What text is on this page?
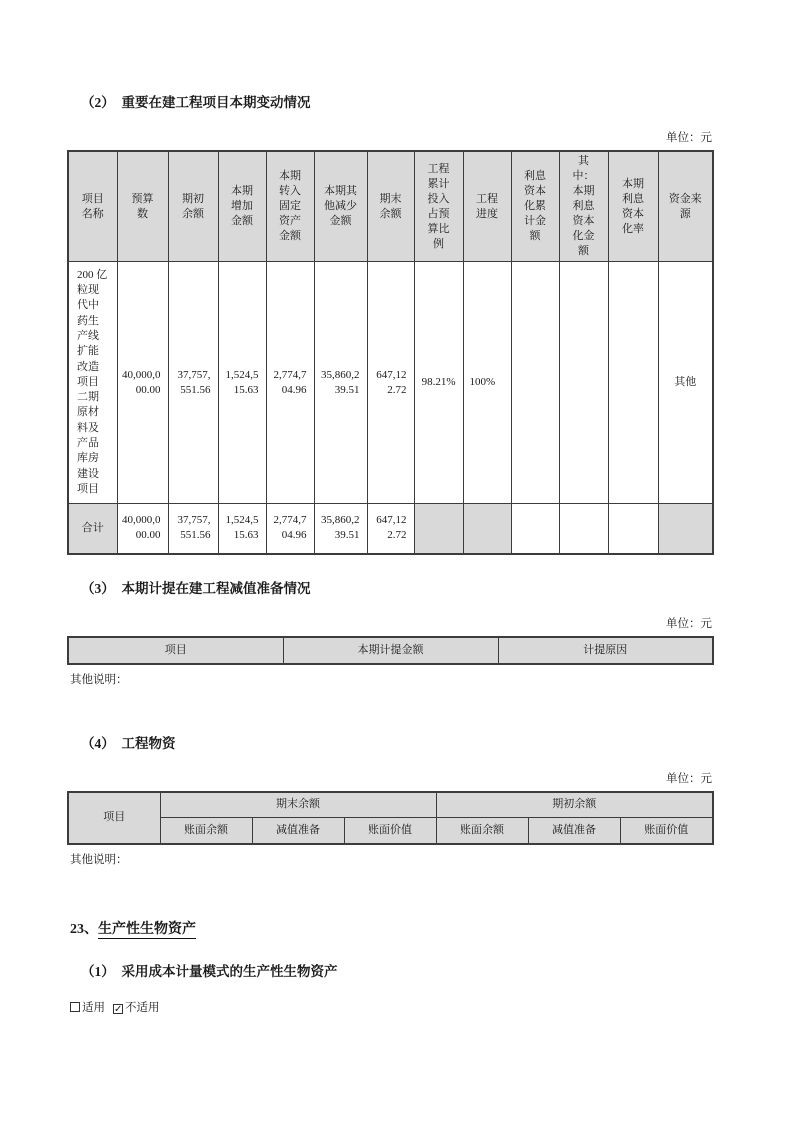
（2）　重要在建工程项目本期变动情况
单位：元
项目名称	预算数	期初余额	本期增加金额	本期转入固定资产金额	本期其他减少金额	期末余额	工程累计投入占预算比例	工程进度	利息资本化累计金额	其中：本期利息资本化金额	本期利息资本化率	资金来源
200 亿粒现代中药生产线扩能改造项目二期原材料及产品库房建设项目	40,000,000.00	37,757,551.56	1,524,515.63	2,774,704.96	35,860,239.51	647,122.72	98.21%	100%				其他
合计	40,000,000.00	37,757,551.56	1,524,515.63	2,774,704.96	35,860,239.51	647,122.72						
（3）　本期计提在建工程减值准备情况
单位：元
项目	本期计提金额	计提原因
其他说明：
（4）　工程物资
单位：元
项目	期末余额			期初余额		
	账面余额	减值准备	账面价值	账面余额	减值准备	账面价值
其他说明：
23、生产性生物资产
（1）　采用成本计量模式的生产性生物资产
适用 ✓ 不适用
